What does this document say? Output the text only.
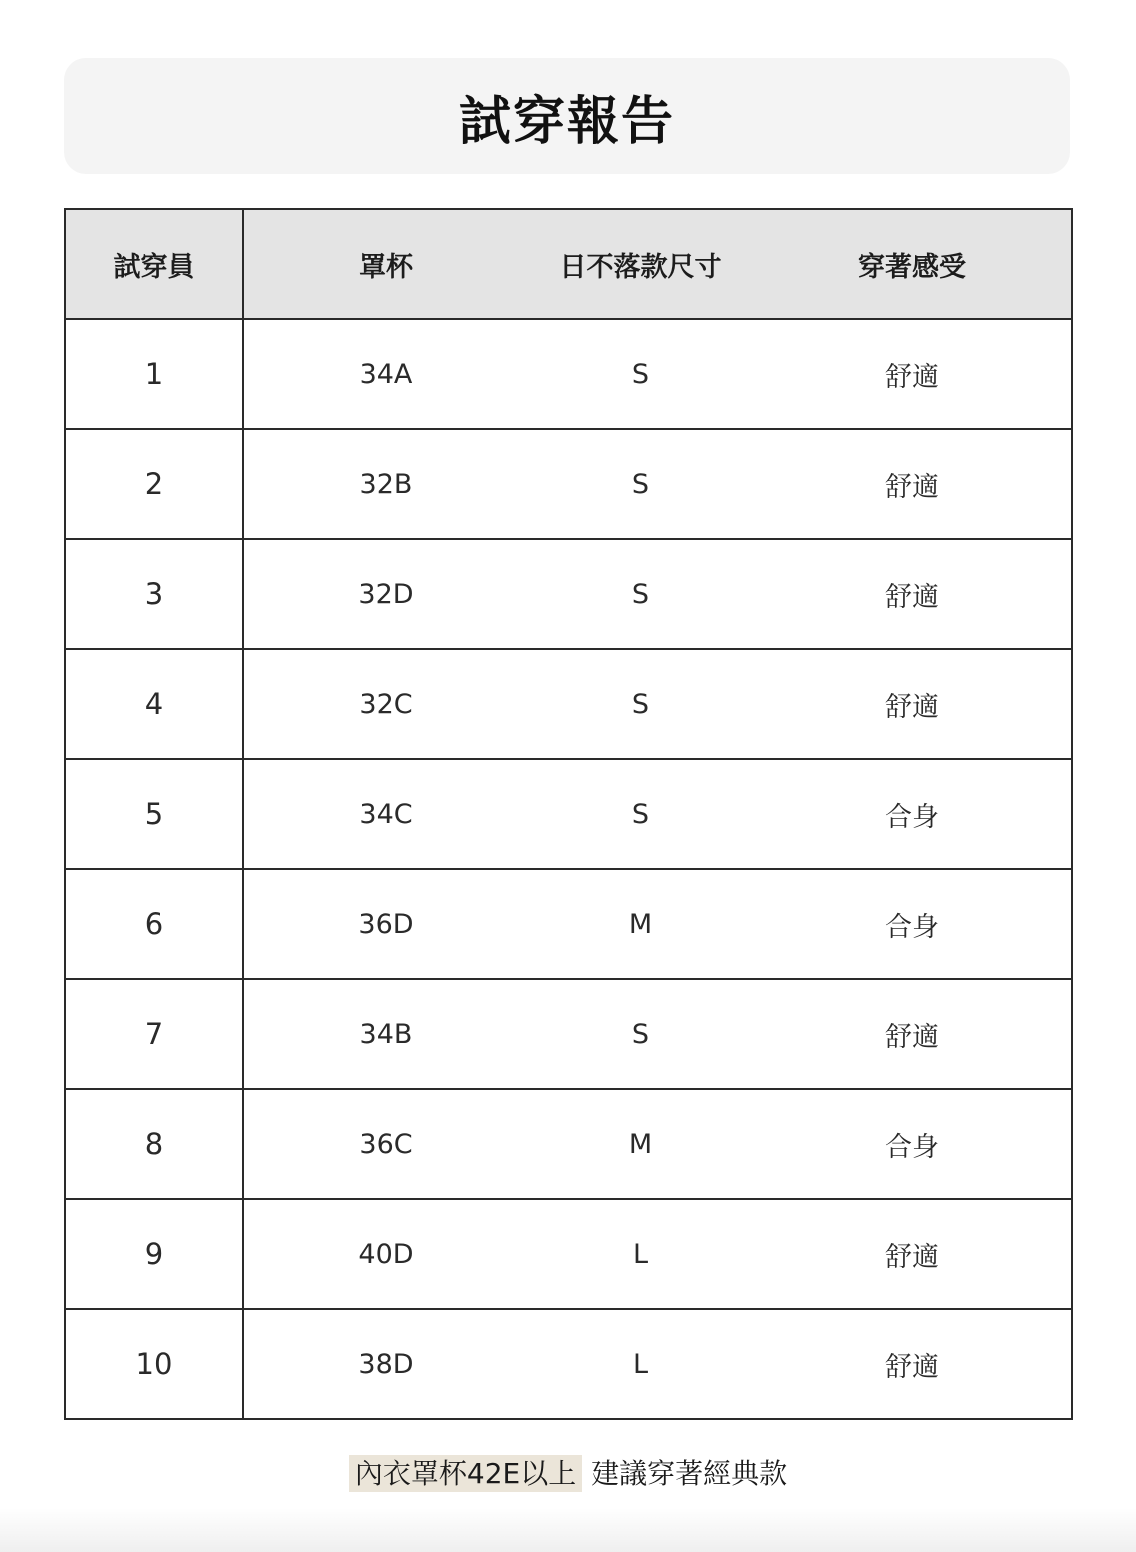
試穿報告
試穿員	罩杯	日不落款尺寸	穿著感受
1	34A	S	舒適
2	32B	S	舒適
3	32D	S	舒適
4	32C	S	舒適
5	34C	S	合身
6	36D	M	合身
7	34B	S	舒適
8	36C	M	合身
9	40D	L	舒適
10	38D	L	舒適
內衣罩杯42E以上 建議穿著經典款
